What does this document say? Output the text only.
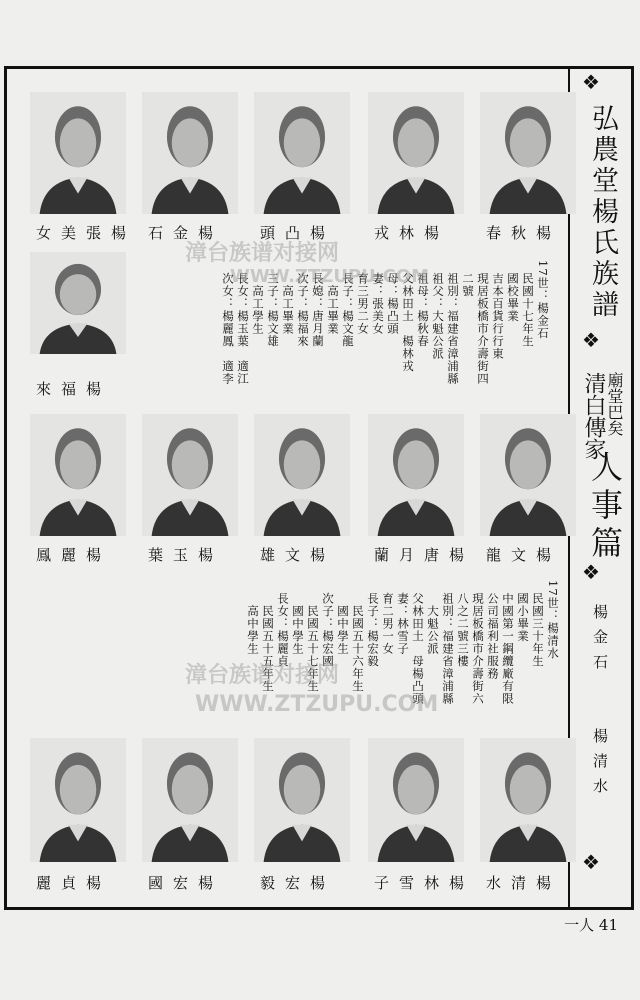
❖
弘農堂楊氏族譜
❖
廟堂巴矣
清白傳家
人事篇
❖
楊金石
楊清水
❖
楊張美女 楊金石 楊凸頭	楊林戎 楊秋春
楊福來
楊麗鳳 楊玉葉 楊文雄	楊唐月蘭 楊文龍
楊貞麗 楊宏國 楊宏毅	楊林雪子 楊清水
17世：楊金石
　民國十七年生
　國校畢業
　吉本百貨行行東
　現居板橋市介壽街四
　二號
　祖別：福建省漳浦縣
　祖父：大魁公派
　祖母：楊秋春
　父林田土　楊林戎
　母：楊凸頭
　妻：張美女
　育三男二女
　長子：楊文龍
　　高工畢業
　長媳：唐月蘭
　次子：楊福來
　　高工畢業
　三子：楊文雄
　　高工學生
　長女：楊玉葉　適江
　次女：楊麗鳳　適李
17世：楊清水
　民國三十年生
　國小畢業
　中國第一鋼纜廠有限
　公司福利社服務
　現居板橋市介壽街六
　八之二號三樓
　祖別：福建省漳浦縣
　　大魁公派
　父林田土　母楊凸頭
　妻：林雪子
　育二男一女
　長子：楊宏毅
　　民國五十六年生
　　國中學生
　次子：楊宏國
　　民國五十七年生
　　國中學生
　長女：楊麗貞
　　民國五十五年生
　　高中學生
漳台族谱对接网
WWW.ZTZUPU.COM
漳台族谱对接网
WWW.ZTZUPU.COM
一人 41
